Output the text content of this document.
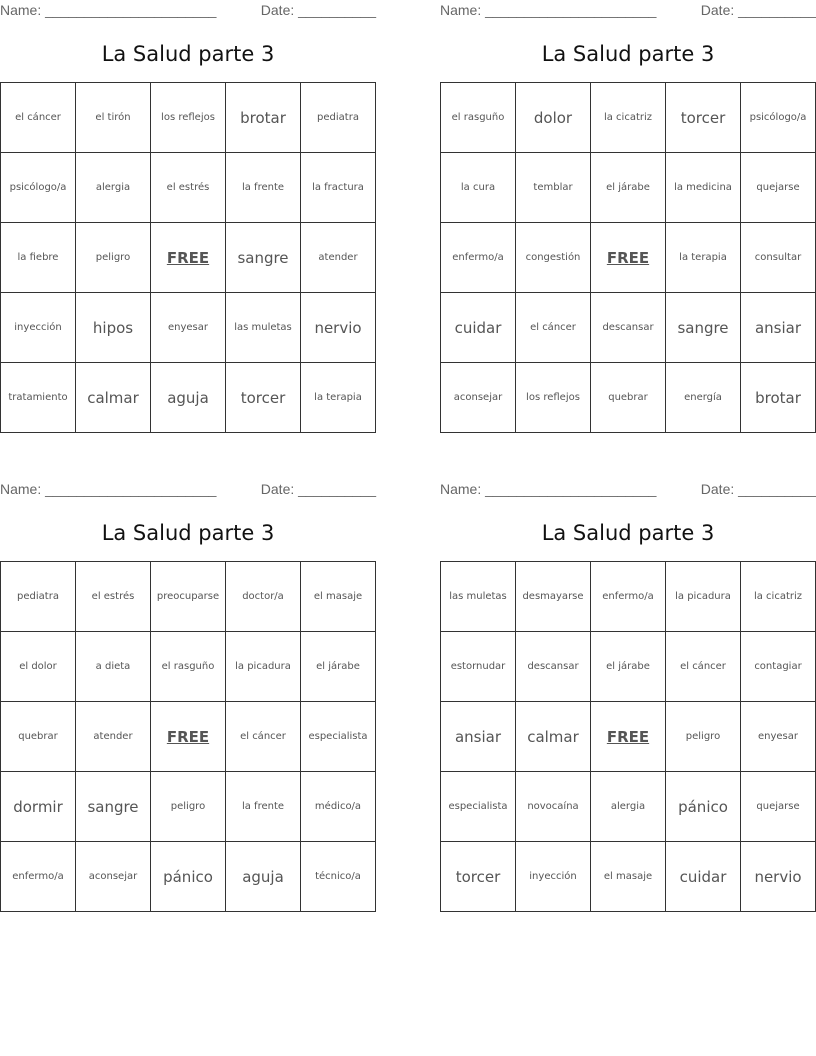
Name: ______________________	Date: __________
La Salud parte 3
el cáncer	el tirón	los reflejos	brotar	pediatra
psicólogo/a	alergia	el estrés	la frente	la fractura
la fiebre	peligro	FREE	sangre	atender
inyección	hipos	enyesar	las muletas	nervio
tratamiento	calmar	aguja	torcer	la terapia
Name: ______________________	Date: __________
La Salud parte 3
el rasguño	dolor	la cicatriz	torcer	psicólogo/a
la cura	temblar	el járabe	la medicina	quejarse
enfermo/a	congestión	FREE	la terapia	consultar
cuidar	el cáncer	descansar	sangre	ansiar
aconsejar	los reflejos	quebrar	energía	brotar
Name: ______________________	Date: __________
La Salud parte 3
pediatra	el estrés	preocuparse	doctor/a	el masaje
el dolor	a dieta	el rasguño	la picadura	el járabe
quebrar	atender	FREE	el cáncer	especialista
dormir	sangre	peligro	la frente	médico/a
enfermo/a	aconsejar	pánico	aguja	técnico/a
Name: ______________________	Date: __________
La Salud parte 3
las muletas	desmayarse	enfermo/a	la picadura	la cicatriz
estornudar	descansar	el járabe	el cáncer	contagiar
ansiar	calmar	FREE	peligro	enyesar
especialista	novocaína	alergia	pánico	quejarse
torcer	inyección	el masaje	cuidar	nervio
